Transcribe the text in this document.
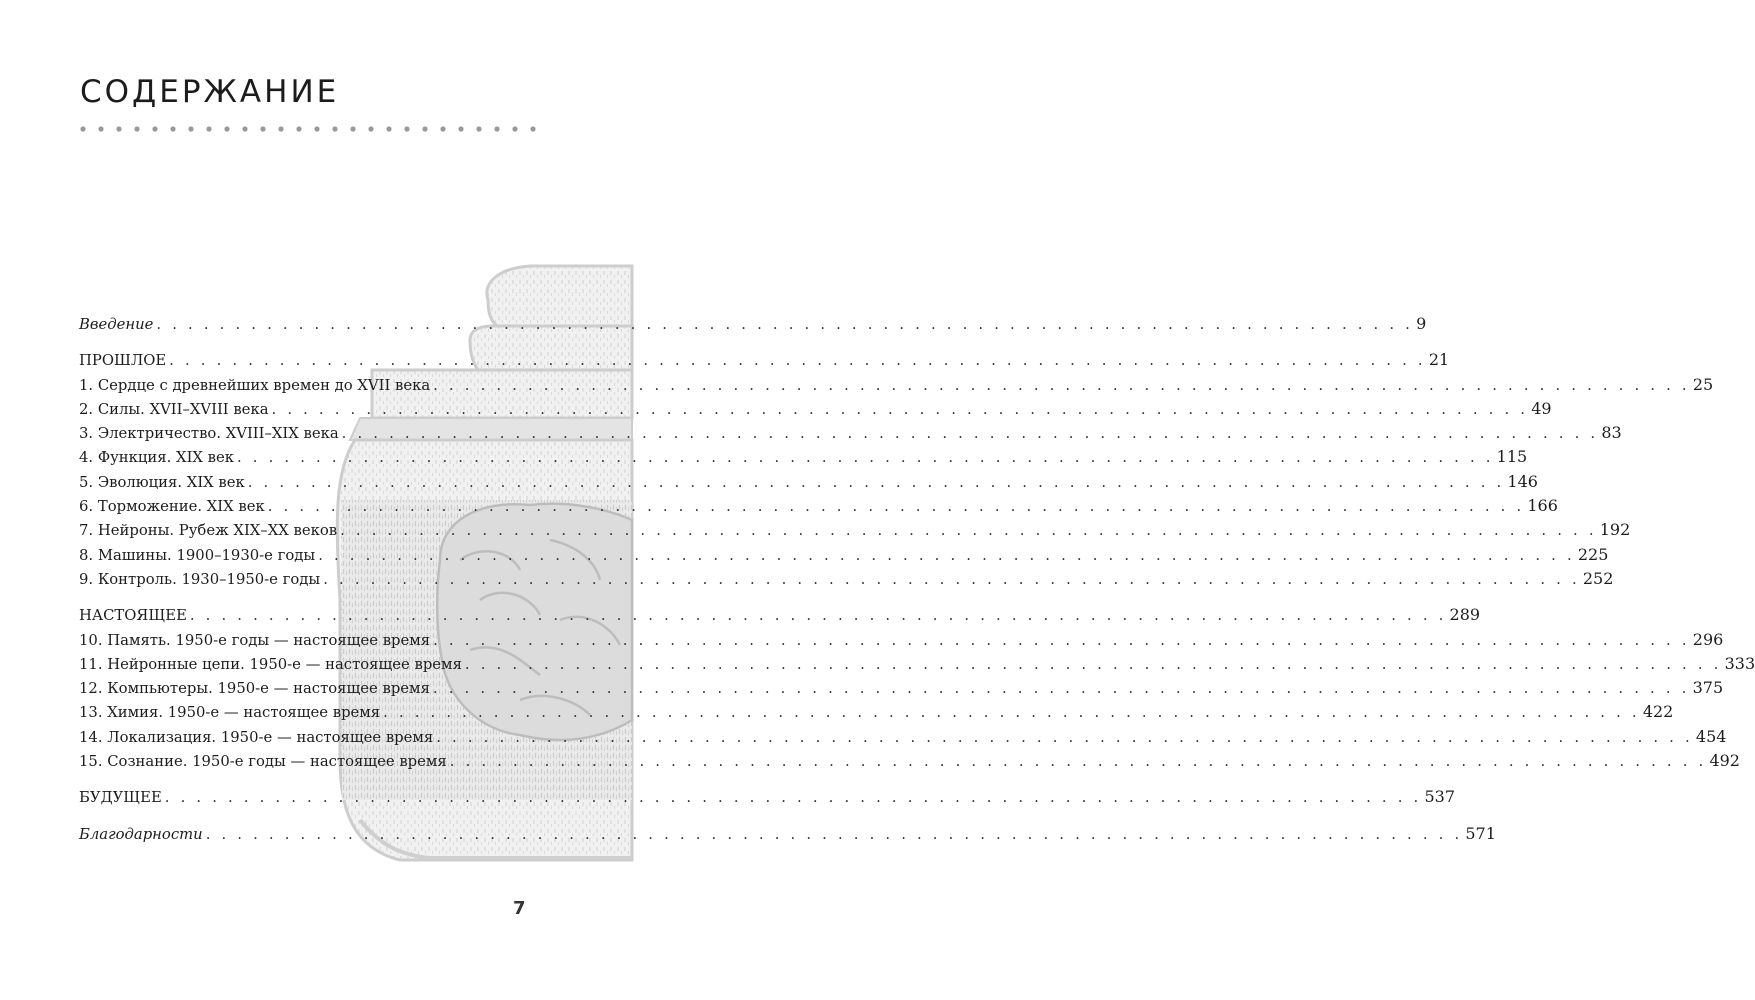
СОДЕРЖАНИЕ
Введение . . . . . . . . . . . . . . . . . . . . . . . . . . . . . . . . . . . . . . . . . . . . . . . . . . . . . . . . . . . . . . . . . . . . . . . . . . . . . . . . 9
ПРОШЛОЕ . . . . . . . . . . . . . . . . . . . . . . . . . . . . . . . . . . . . . . . . . . . . . . . . . . . . . . . . . . . . . . . . . . . . . . . . . . . . . . . . 21
1. Сердце с древнейших времен до XVII века . . . . . . . . . . . . . . . . . . . . . . . . . . . . . . . . . . . . . . . . . . . . . . . . . . . . . . . . . . . . . . . . . . . . . . . . . . . . . . . . 25
2. Силы. XVII–XVIII века . . . . . . . . . . . . . . . . . . . . . . . . . . . . . . . . . . . . . . . . . . . . . . . . . . . . . . . . . . . . . . . . . . . . . . . . . . . . . . . . 49
3. Электричество. XVIII–XIX века . . . . . . . . . . . . . . . . . . . . . . . . . . . . . . . . . . . . . . . . . . . . . . . . . . . . . . . . . . . . . . . . . . . . . . . . . . . . . . . . 83
4. Функция. XIX век . . . . . . . . . . . . . . . . . . . . . . . . . . . . . . . . . . . . . . . . . . . . . . . . . . . . . . . . . . . . . . . . . . . . . . . . . . . . . . . . 115
5. Эволюция. XIX век . . . . . . . . . . . . . . . . . . . . . . . . . . . . . . . . . . . . . . . . . . . . . . . . . . . . . . . . . . . . . . . . . . . . . . . . . . . . . . . . 146
6. Торможение. XIX век . . . . . . . . . . . . . . . . . . . . . . . . . . . . . . . . . . . . . . . . . . . . . . . . . . . . . . . . . . . . . . . . . . . . . . . . . . . . . . . . 166
7. Нейроны. Рубеж XIX–XX веков . . . . . . . . . . . . . . . . . . . . . . . . . . . . . . . . . . . . . . . . . . . . . . . . . . . . . . . . . . . . . . . . . . . . . . . . . . . . . . . . 192
8. Машины. 1900–1930-е годы . . . . . . . . . . . . . . . . . . . . . . . . . . . . . . . . . . . . . . . . . . . . . . . . . . . . . . . . . . . . . . . . . . . . . . . . . . . . . . . . 225
9. Контроль. 1930–1950-е годы . . . . . . . . . . . . . . . . . . . . . . . . . . . . . . . . . . . . . . . . . . . . . . . . . . . . . . . . . . . . . . . . . . . . . . . . . . . . . . . . 252
НАСТОЯЩЕЕ . . . . . . . . . . . . . . . . . . . . . . . . . . . . . . . . . . . . . . . . . . . . . . . . . . . . . . . . . . . . . . . . . . . . . . . . . . . . . . . . 289
10. Память. 1950-е годы — настоящее время . . . . . . . . . . . . . . . . . . . . . . . . . . . . . . . . . . . . . . . . . . . . . . . . . . . . . . . . . . . . . . . . . . . . . . . . . . . . . . . . 296
11. Нейронные цепи. 1950-е — настоящее время . . . . . . . . . . . . . . . . . . . . . . . . . . . . . . . . . . . . . . . . . . . . . . . . . . . . . . . . . . . . . . . . . . . . . . . . . . . . . . . . 333
12. Компьютеры. 1950-е — настоящее время . . . . . . . . . . . . . . . . . . . . . . . . . . . . . . . . . . . . . . . . . . . . . . . . . . . . . . . . . . . . . . . . . . . . . . . . . . . . . . . . 375
13. Химия. 1950-е — настоящее время . . . . . . . . . . . . . . . . . . . . . . . . . . . . . . . . . . . . . . . . . . . . . . . . . . . . . . . . . . . . . . . . . . . . . . . . . . . . . . . . 422
14. Локализация. 1950-е — настоящее время . . . . . . . . . . . . . . . . . . . . . . . . . . . . . . . . . . . . . . . . . . . . . . . . . . . . . . . . . . . . . . . . . . . . . . . . . . . . . . . . 454
15. Сознание. 1950-е годы — настоящее время . . . . . . . . . . . . . . . . . . . . . . . . . . . . . . . . . . . . . . . . . . . . . . . . . . . . . . . . . . . . . . . . . . . . . . . . . . . . . . . . 492
БУДУЩЕЕ . . . . . . . . . . . . . . . . . . . . . . . . . . . . . . . . . . . . . . . . . . . . . . . . . . . . . . . . . . . . . . . . . . . . . . . . . . . . . . . . 537
Благодарности . . . . . . . . . . . . . . . . . . . . . . . . . . . . . . . . . . . . . . . . . . . . . . . . . . . . . . . . . . . . . . . . . . . . . . . . . . . . . . . . 571
7
